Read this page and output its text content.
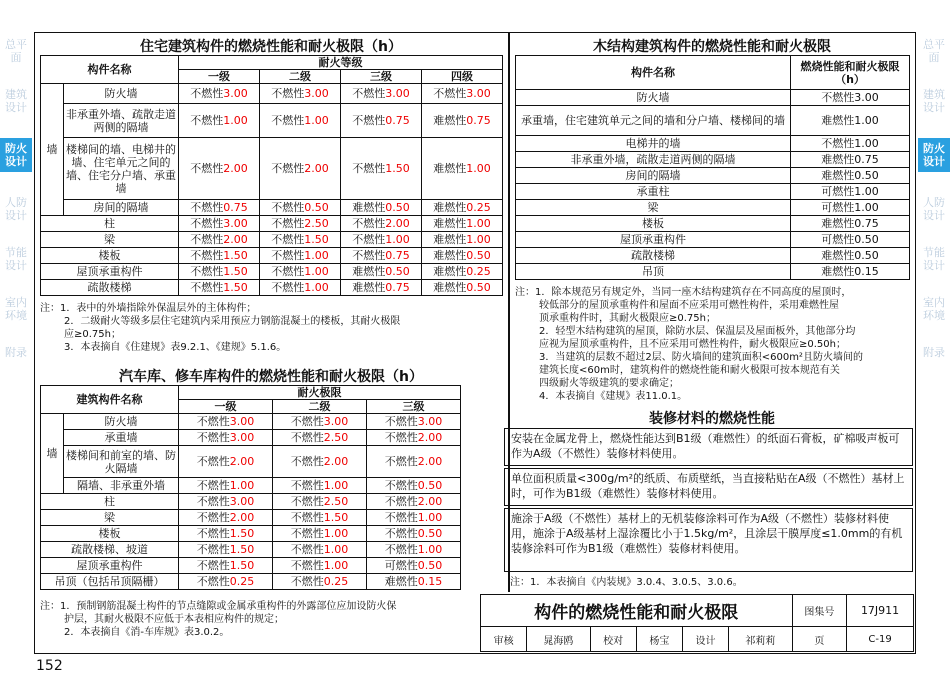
总平面
建筑设计
防火设计
人防设计
节能设计
室内环境
附录
总平面
建筑设计
防火设计
人防设计
节能设计
室内环境
附录
住宅建筑构件的燃烧性能和耐火极限（h）
构件名称		耐火等级			
		一级	二级	三级	四级
墙	防火墙	不燃性3.00	不燃性3.00	不燃性3.00	不燃性3.00
	非承重外墙、疏散走道两侧的隔墙	不燃性1.00	不燃性1.00	不燃性0.75	难燃性0.75
	楼梯间的墙、电梯井的墙、住宅单元之间的墙、住宅分户墙、承重墙	不燃性2.00	不燃性2.00	不燃性1.50	难燃性1.00
	房间的隔墙	不燃性0.75	不燃性0.50	难燃性0.50	难燃性0.25
柱		不燃性3.00	不燃性2.50	不燃性2.00	难燃性1.00
梁		不燃性2.00	不燃性1.50	不燃性1.00	难燃性1.00
楼板		不燃性1.50	不燃性1.00	不燃性0.75	难燃性0.50
屋顶承重构件		不燃性1.50	不燃性1.00	难燃性0.50	难燃性0.25
疏散楼梯		不燃性1.50	不燃性1.00	难燃性0.75	难燃性0.50
注：1．表中的外墙指除外保温层外的主体构件；
2．二级耐火等级多层住宅建筑内采用预应力钢筋混凝土的楼板，其耐火极限
应≥0.75h；
3．本表摘自《住建规》表9.2.1、《建规》5.1.6。
汽车库、修车库构件的燃烧性能和耐火极限（h）
建筑构件名称		耐火极限		
		一级	二级	三级
墙	防火墙	不燃性3.00	不燃性3.00	不燃性3.00
	承重墙	不燃性3.00	不燃性2.50	不燃性2.00
	楼梯间和前室的墙、防火隔墙	不燃性2.00	不燃性2.00	不燃性2.00
	隔墙、非承重外墙	不燃性1.00	不燃性1.00	不燃性0.50
柱		不燃性3.00	不燃性2.50	不燃性2.00
梁		不燃性2.00	不燃性1.50	不燃性1.00
楼板		不燃性1.50	不燃性1.00	不燃性0.50
疏散楼梯、坡道		不燃性1.50	不燃性1.00	不燃性1.00
屋顶承重构件		不燃性1.50	不燃性1.00	可燃性0.50
吊顶（包括吊顶隔栅）		不燃性0.25	不燃性0.25	难燃性0.15
注：1．预制钢筋混凝土构件的节点缝隙或金属承重构件的外露部位应加设防火保
护层，其耐火极限不应低于本表相应构件的规定；
2．本表摘自《消-车库规》表3.0.2。
木结构建筑构件的燃烧性能和耐火极限
构件名称	燃烧性能和耐火极限（h）
防火墙	不燃性3.00
承重墙，住宅建筑单元之间的墙和分户墙、楼梯间的墙	难燃性1.00
电梯井的墙	不燃性1.00
非承重外墙，疏散走道两侧的隔墙	难燃性0.75
房间的隔墙	难燃性0.50
承重柱	可燃性1.00
梁	可燃性1.00
楼板	难燃性0.75
屋顶承重构件	可燃性0.50
疏散楼梯	难燃性0.50
吊顶	难燃性0.15
注：1．除本规范另有规定外，当同一座木结构建筑存在不同高度的屋顶时，
较低部分的屋顶承重构件和屋面不应采用可燃性构件，采用难燃性屋
顶承重构件时，其耐火极限应≥0.75h；
2．轻型木结构建筑的屋顶，除防水层、保温层及屋面板外，其他部分均
应视为屋顶承重构件，且不应采用可燃性构件，耐火极限应≥0.50h；
3．当建筑的层数不超过2层、防火墙间的建筑面积<600m²且防火墙间的
建筑长度<60m时，建筑构件的燃烧性能和耐火极限可按本规范有关
四级耐火等级建筑的要求确定；
4．本表摘自《建规》表11.0.1。
装修材料的燃烧性能
安装在金属龙骨上，燃烧性能达到B1级（难燃性）的纸面石膏板，矿棉吸声板可作为A级（不燃性）装修材料使用。
单位面积质量<300g/m²的纸质、布质壁纸，当直接粘贴在A级（不燃性）基材上时，可作为B1级（难燃性）装修材料使用。
施涂于A级（不燃性）基材上的无机装修涂料可作为A级（不燃性）装修材料使用，施涂于A级基材上湿涂覆比小于1.5kg/m²，且涂层干膜厚度≤1.0mm的有机装修涂料可作为B1级（难燃性）装修材料使用。
注：1．本表摘自《内装规》3.0.4、3.0.5、3.0.6。
构件的燃烧性能和耐火极限						图集号	17J911
审核	晁海鸥	校对	杨宝	设计	祁莉莉	页	C-19
152
